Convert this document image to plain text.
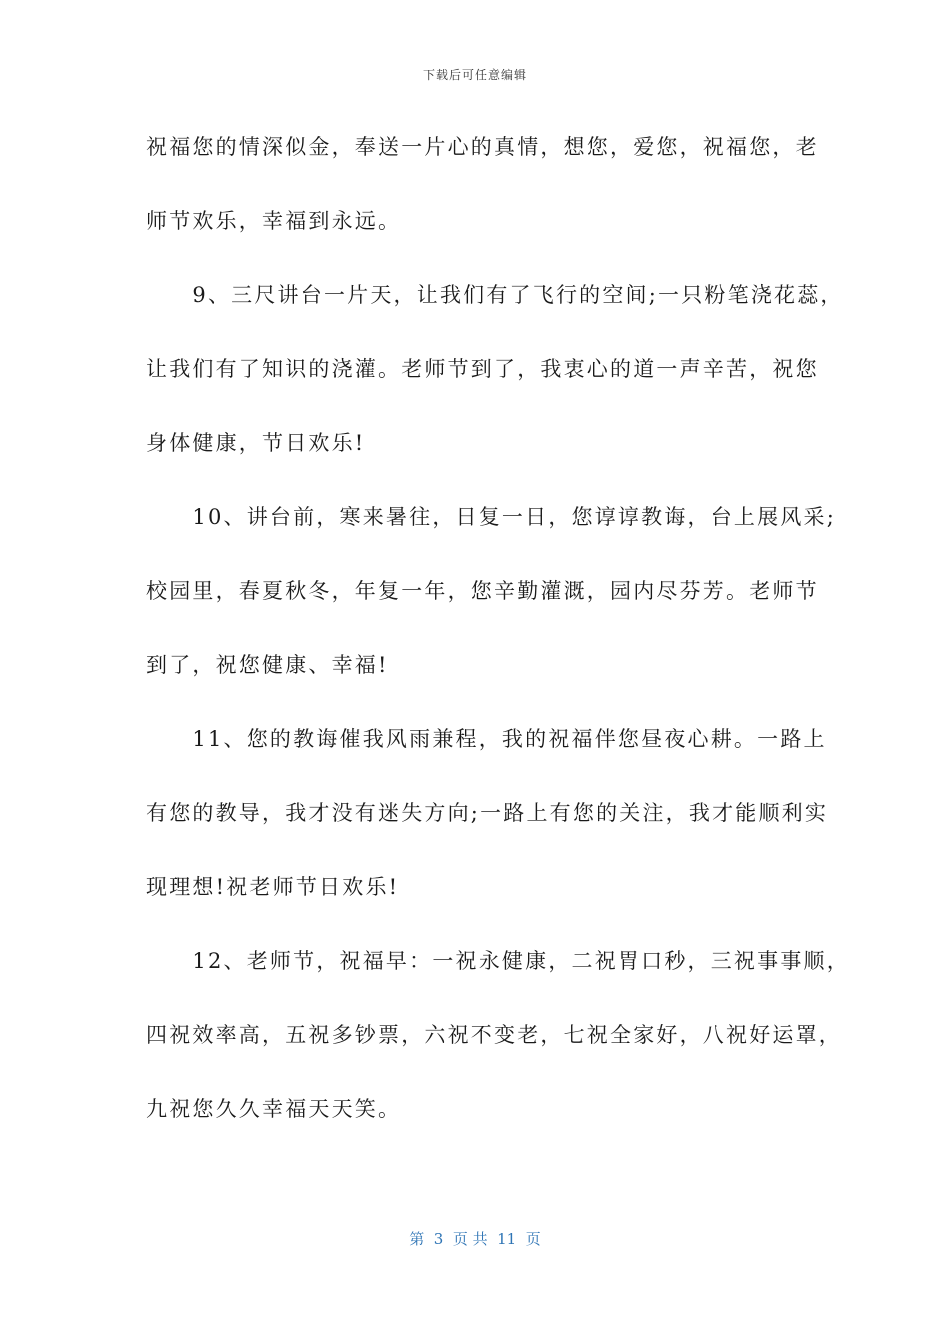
下载后可任意编辑
祝福您的情深似金，奉送一片心的真情，想您，爱您，祝福您，老
师节欢乐，幸福到永远。
　　9、三尺讲台一片天，让我们有了飞行的空间;一只粉笔浇花蕊，
让我们有了知识的浇灌。老师节到了，我衷心的道一声辛苦，祝您
身体健康，节日欢乐!
　　10、讲台前，寒来暑往，日复一日，您谆谆教诲，台上展风采;
校园里，春夏秋冬，年复一年，您辛勤灌溉，园内尽芬芳。老师节
到了，祝您健康、幸福!
　　11、您的教诲催我风雨兼程，我的祝福伴您昼夜心耕。一路上
有您的教导，我才没有迷失方向;一路上有您的关注，我才能顺利实
现理想!祝老师节日欢乐!
　　12、老师节，祝福早：一祝永健康，二祝胃口秒，三祝事事顺，
四祝效率高，五祝多钞票，六祝不变老，七祝全家好，八祝好运罩，
九祝您久久幸福天天笑。
第  3  页 共  11  页
